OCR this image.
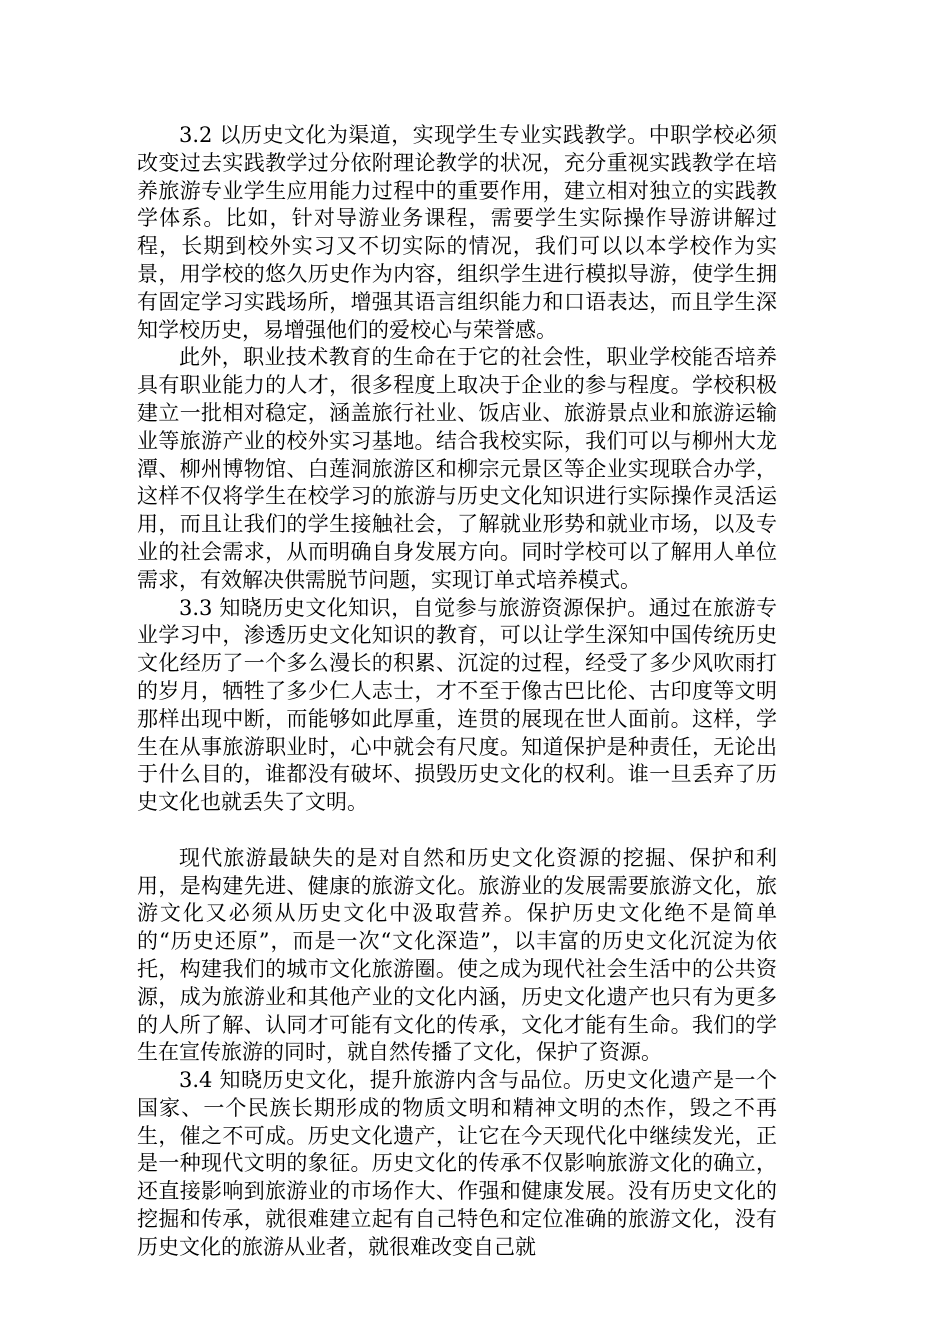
3.2 以历史文化为渠道，实现学生专业实践教学。中职学校必须改变过去实践教学过分依附理论教学的状况，充分重视实践教学在培养旅游专业学生应用能力过程中的重要作用，建立相对独立的实践教学体系。比如，针对导游业务课程，需要学生实际操作导游讲解过程，长期到校外实习又不切实际的情况，我们可以以本学校作为实景，用学校的悠久历史作为内容，组织学生进行模拟导游，使学生拥有固定学习实践场所，增强其语言组织能力和口语表达，而且学生深知学校历史，易增强他们的爱校心与荣誉感。

此外，职业技术教育的生命在于它的社会性，职业学校能否培养具有职业能力的人才，很多程度上取决于企业的参与程度。学校积极建立一批相对稳定，涵盖旅行社业、饭店业、旅游景点业和旅游运输业等旅游产业的校外实习基地。结合我校实际，我们可以与柳州大龙潭、柳州博物馆、白莲洞旅游区和柳宗元景区等企业实现联合办学，这样不仅将学生在校学习的旅游与历史文化知识进行实际操作灵活运用，而且让我们的学生接触社会，了解就业形势和就业市场，以及专业的社会需求，从而明确自身发展方向。同时学校可以了解用人单位需求，有效解决供需脱节问题，实现订单式培养模式。

3.3 知晓历史文化知识，自觉参与旅游资源保护。通过在旅游专业学习中，渗透历史文化知识的教育，可以让学生深知中国传统历史文化经历了一个多么漫长的积累、沉淀的过程，经受了多少风吹雨打的岁月，牺牲了多少仁人志士，才不至于像古巴比伦、古印度等文明那样出现中断，而能够如此厚重，连贯的展现在世人面前。这样，学生在从事旅游职业时，心中就会有尺度。知道保护是种责任，无论出于什么目的，谁都没有破坏、损毁历史文化的权利。谁一旦丢弃了历史文化也就丢失了文明。

现代旅游最缺失的是对自然和历史文化资源的挖掘、保护和利用，是构建先进、健康的旅游文化。旅游业的发展需要旅游文化，旅游文化又必须从历史文化中汲取营养。保护历史文化绝不是简单的“历史还原”，而是一次“文化深造”，以丰富的历史文化沉淀为依托，构建我们的城市文化旅游圈。使之成为现代社会生活中的公共资源，成为旅游业和其他产业的文化内涵，历史文化遗产也只有为更多的人所了解、认同才可能有文化的传承，文化才能有生命。我们的学生在宣传旅游的同时，就自然传播了文化，保护了资源。

3.4 知晓历史文化，提升旅游内含与品位。历史文化遗产是一个国家、一个民族长期形成的物质文明和精神文明的杰作，毁之不再生，催之不可成。历史文化遗产，让它在今天现代化中继续发光，正是一种现代文明的象征。历史文化的传承不仅影响旅游文化的确立，还直接影响到旅游业的市场作大、作强和健康发展。没有历史文化的挖掘和传承，就很难建立起有自己特色和定位准确的旅游文化，没有历史文化的旅游从业者，就很难改变自己就
